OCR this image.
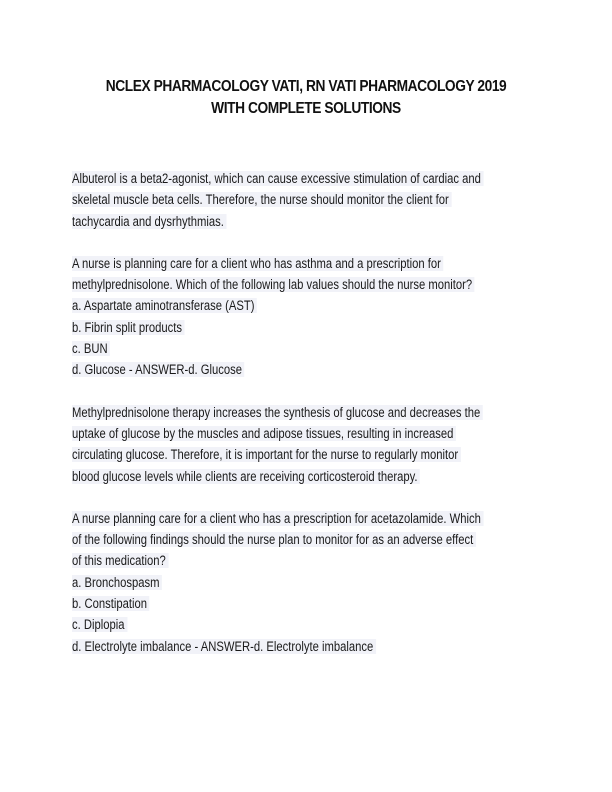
NCLEX PHARMACOLOGY VATI, RN VATI PHARMACOLOGY 2019
WITH COMPLETE SOLUTIONS
Albuterol is a beta2-agonist, which can cause excessive stimulation of cardiac and
skeletal muscle beta cells. Therefore, the nurse should monitor the client for
tachycardia and dysrhythmias.
A nurse is planning care for a client who has asthma and a prescription for
methylprednisolone. Which of the following lab values should the nurse monitor?
a. Aspartate aminotransferase (AST)
b. Fibrin split products
c. BUN
d. Glucose - ANSWER-d. Glucose
Methylprednisolone therapy increases the synthesis of glucose and decreases the
uptake of glucose by the muscles and adipose tissues, resulting in increased
circulating glucose. Therefore, it is important for the nurse to regularly monitor
blood glucose levels while clients are receiving corticosteroid therapy.
A nurse planning care for a client who has a prescription for acetazolamide. Which
of the following findings should the nurse plan to monitor for as an adverse effect
of this medication?
a. Bronchospasm
b. Constipation
c. Diplopia
d. Electrolyte imbalance - ANSWER-d. Electrolyte imbalance
